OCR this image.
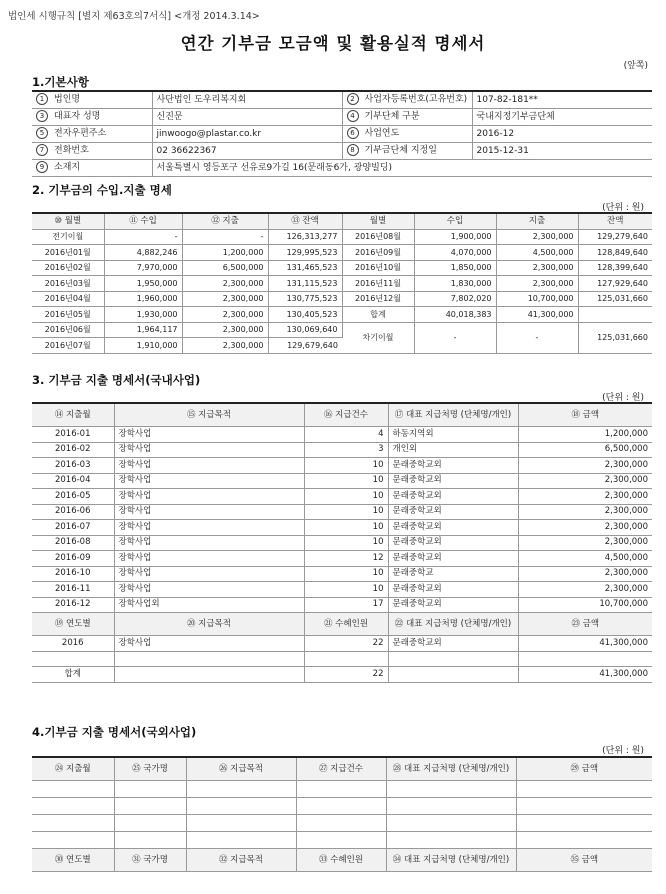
법인세 시행규칙 [별지 제63호의7서식] <개정 2014.3.14>
연간 기부금 모금액 및 활용실적 명세서
(앞쪽)
1.기본사항
1 법인명	사단법인 도우리복지회	2 사업자등록번호(고유번호)	107-82-181**
3 대표자 성명	신진문	4 기부단체 구분	국내지정기부금단체
5 전자우편주소	jinwoogo@plastar.co.kr	6 사업연도	2016-12
7 전화번호	02 36622367	8 기부금단체 지정일	2015-12-31
9 소재지	서울특별시 영등포구 선유로9가길 16(문래동6가, 광양빌딩)		
2. 기부금의 수입.지출 명세
(단위 : 원)
⑩ 월별	⑪ 수입	⑫ 지출	⑬ 잔액	월별	수입	지출	잔액
전기이월	-	-	126,313,277	2016년08월	1,900,000	2,300,000	129,279,640
2016년01월	4,882,246	1,200,000	129,995,523	2016년09월	4,070,000	4,500,000	128,849,640
2016년02월	7,970,000	6,500,000	131,465,523	2016년10월	1,850,000	2,300,000	128,399,640
2016년03월	1,950,000	2,300,000	131,115,523	2016년11월	1,830,000	2,300,000	127,929,640
2016년04월	1,960,000	2,300,000	130,775,523	2016년12월	7,802,020	10,700,000	125,031,660
2016년05월	1,930,000	2,300,000	130,405,523	합계	40,018,383	41,300,000	
2016년06월	1,964,117	2,300,000	130,069,640	차기이월	-	-	125,031,660
2016년07월	1,910,000	2,300,000	129,679,640				
3. 기부금 지출 명세서(국내사업)
(단위 : 원)
⑭ 지출월	⑮ 지급목적	⑯ 지급건수	⑰ 대표 지급처명 (단체명/개인)	⑱ 금액
2016-01	장학사업	4	하동지역외	1,200,000
2016-02	장학사업	3	개인외	6,500,000
2016-03	장학사업	10	문래중학교외	2,300,000
2016-04	장학사업	10	문래중학교외	2,300,000
2016-05	장학사업	10	문래중학교외	2,300,000
2016-06	장학사업	10	문래중학교외	2,300,000
2016-07	장학사업	10	문래중학교외	2,300,000
2016-08	장학사업	10	문래중학교외	2,300,000
2016-09	장학사업	12	문래중학교외	4,500,000
2016-10	장학사업	10	문래중학교	2,300,000
2016-11	장학사업	10	문래중학교외	2,300,000
2016-12	장학사업외	17	문래중학교외	10,700,000
⑲ 연도별	⑳ 지급목적	㉑ 수혜인원	㉒ 대표 지급처명 (단체명/개인)	㉓ 금액
2016	장학사업	22	문래중학교외	41,300,000

합계		22		41,300,000
4.기부금 지출 명세서(국외사업)
(단위 : 원)
㉔ 지출월	㉕ 국가명	㉖ 지급목적	㉗ 지급건수	㉘ 대표 지급처명 (단체명/개인)	㉙ 금액

㉚ 연도별	㉛ 국가명	㉜ 지급목적	㉝ 수혜인원	㉞ 대표 지급처명 (단체명/개인)	㉟ 금액
